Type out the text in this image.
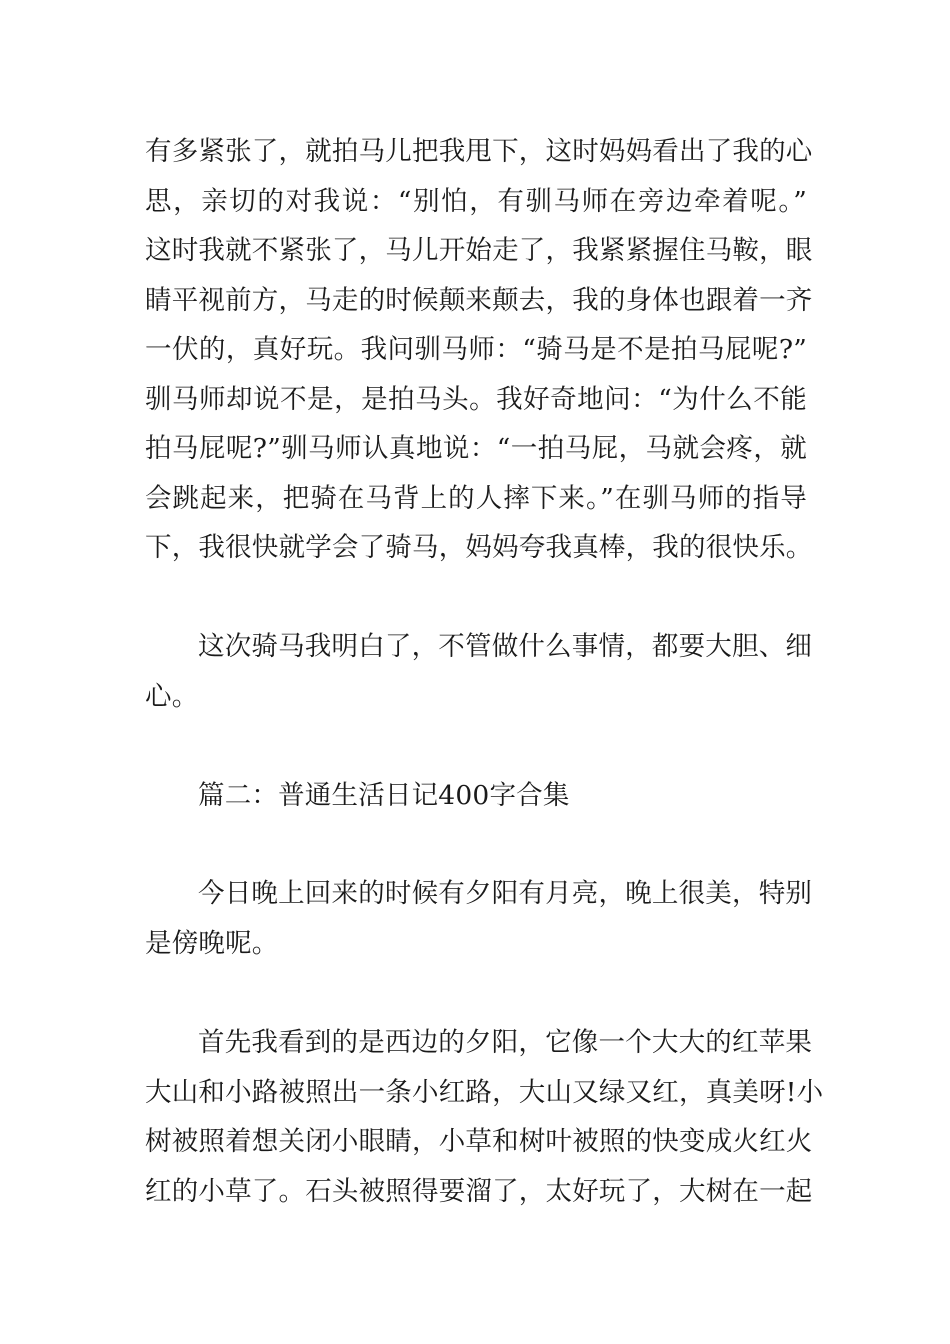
有多紧张了，就拍马儿把我甩下，这时妈妈看出了我的心
思，亲切的对我说：“别怕，有驯马师在旁边牵着呢。”
这时我就不紧张了，马儿开始走了，我紧紧握住马鞍，眼
睛平视前方，马走的时候颠来颠去，我的身体也跟着一齐
一伏的，真好玩。我问驯马师：“骑马是不是拍马屁呢?”
驯马师却说不是，是拍马头。我好奇地问：“为什么不能
拍马屁呢?”驯马师认真地说：“一拍马屁，马就会疼，就
会跳起来，把骑在马背上的人摔下来。”在驯马师的指导
下，我很快就学会了骑马，妈妈夸我真棒，我的很快乐。
这次骑马我明白了，不管做什么事情，都要大胆、细
心。
篇二：普通生活日记400字合集
今日晚上回来的时候有夕阳有月亮，晚上很美，特别
是傍晚呢。
首先我看到的是西边的夕阳，它像一个大大的红苹果
大山和小路被照出一条小红路，大山又绿又红，真美呀!小
树被照着想关闭小眼睛，小草和树叶被照的快变成火红火
红的小草了。石头被照得要溜了，太好玩了，大树在一起
